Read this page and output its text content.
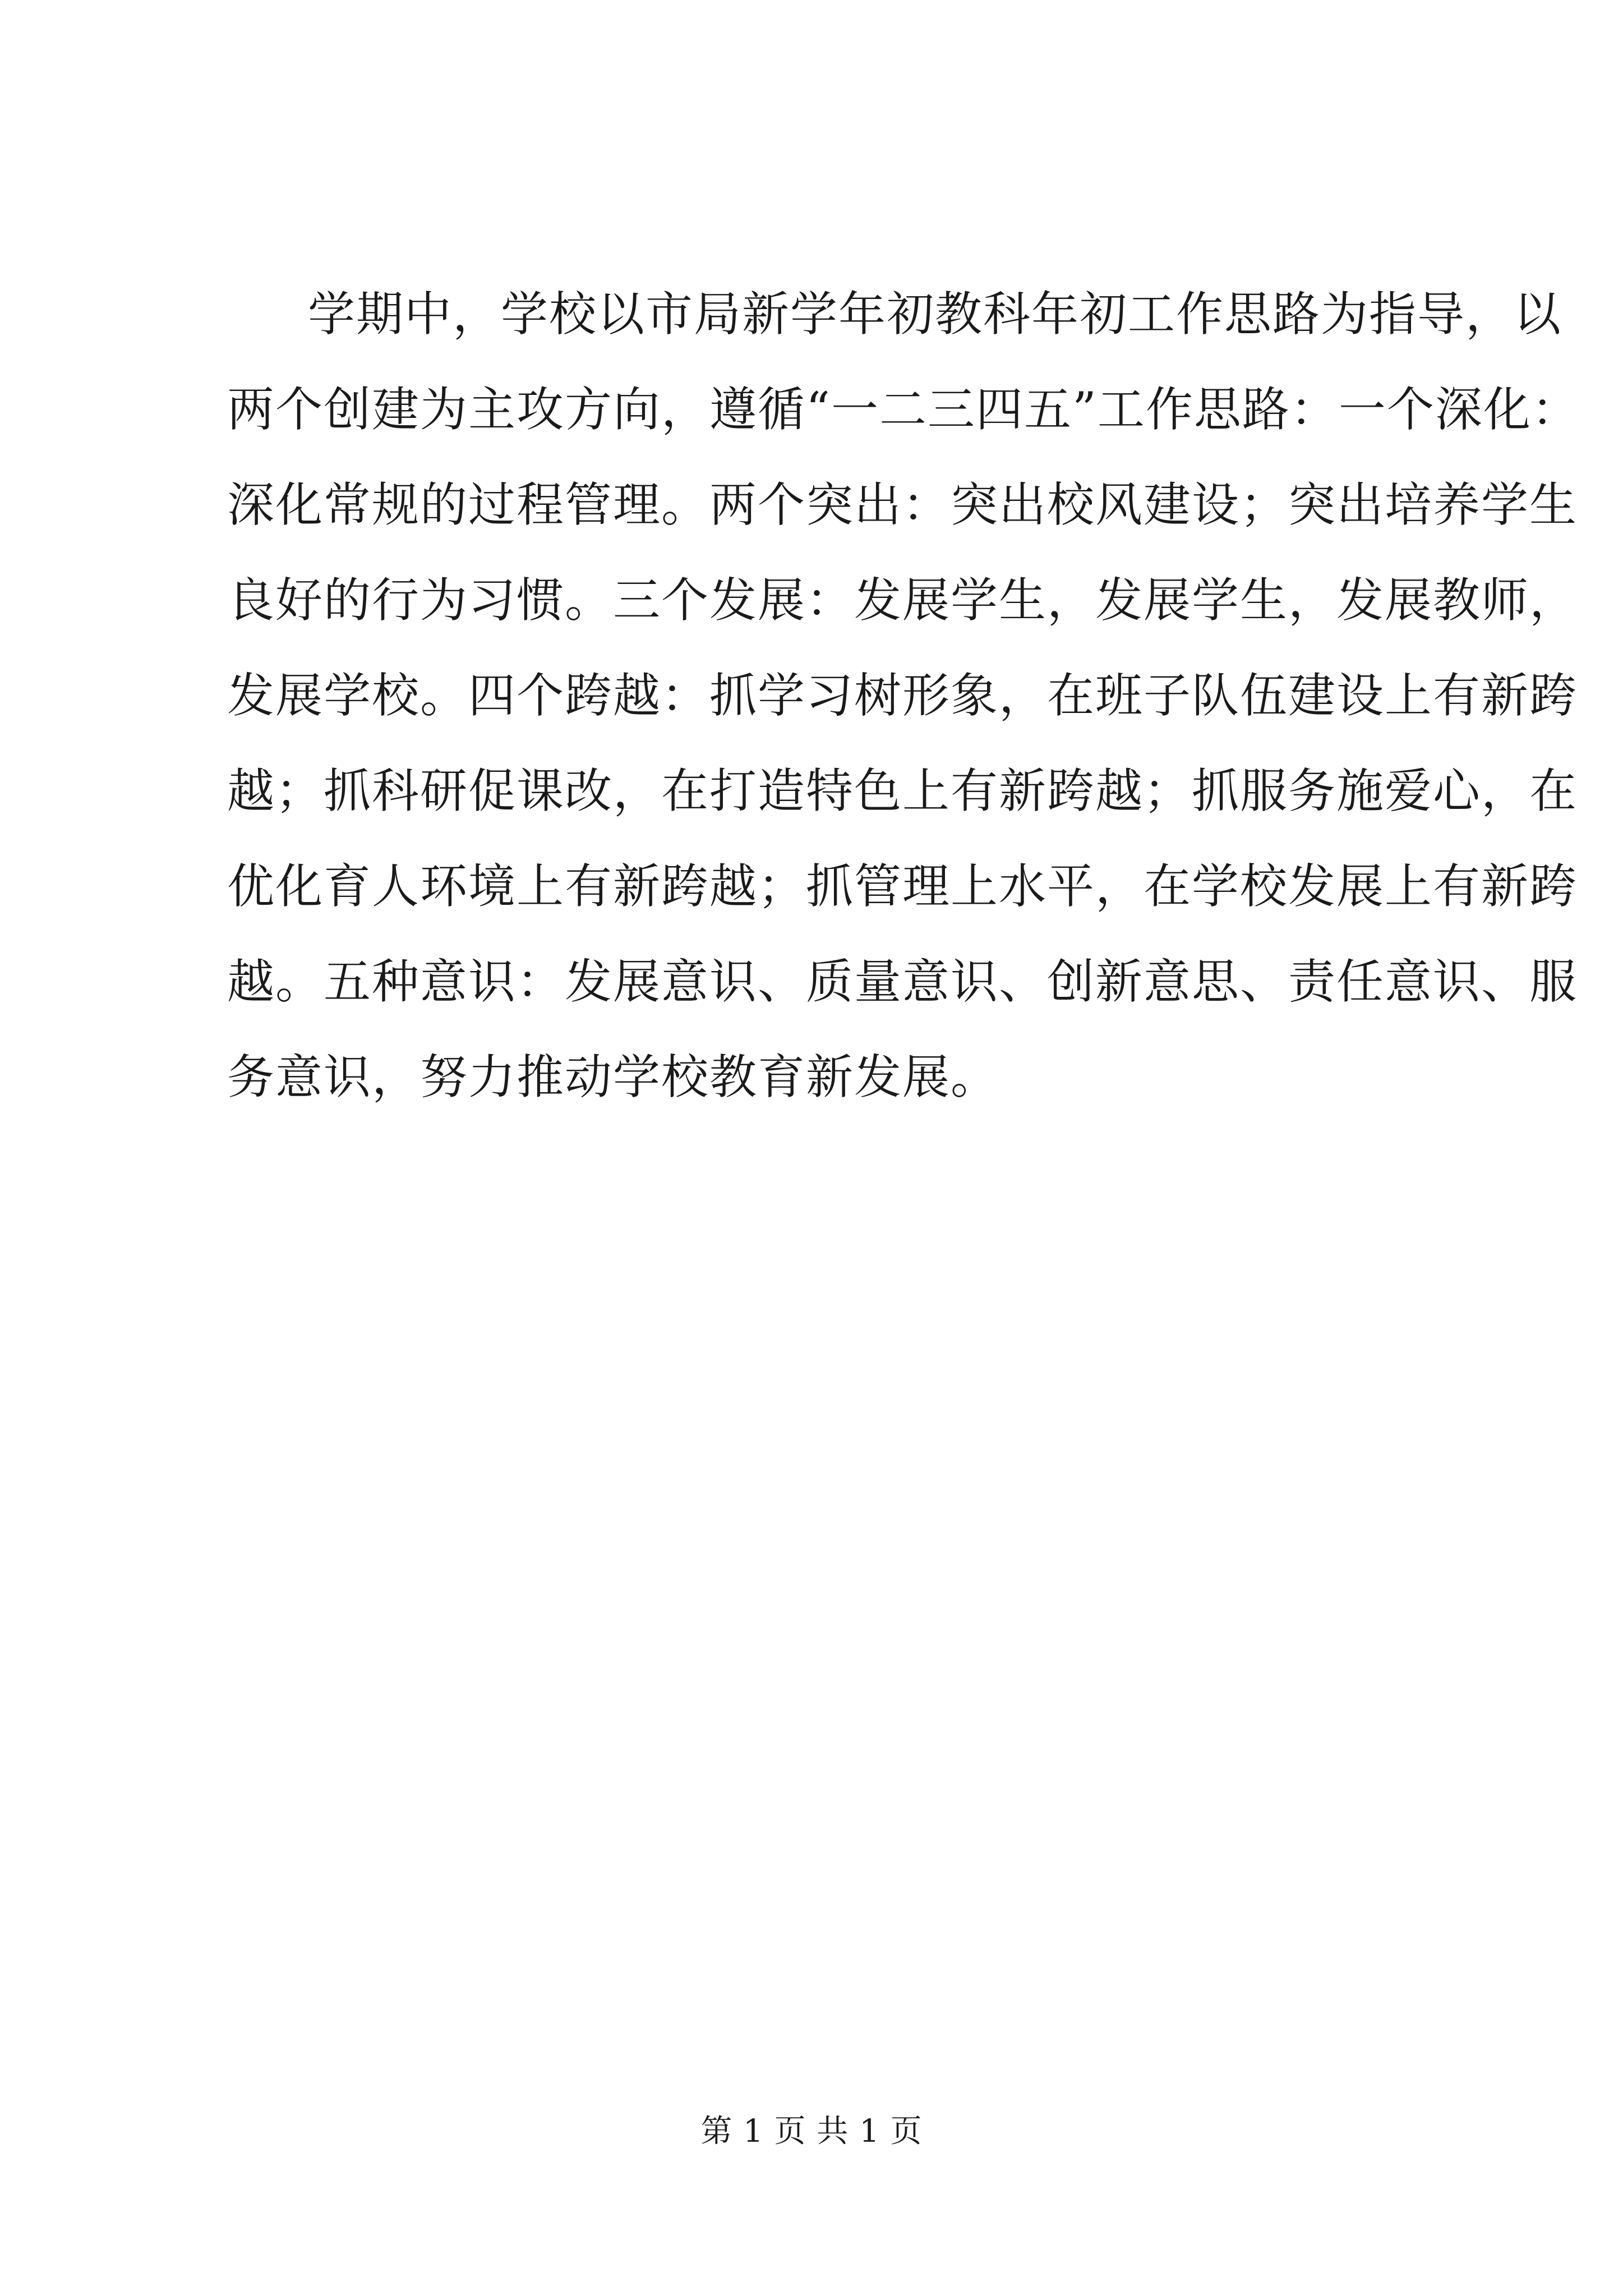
学期中，学校以市局新学年初教科年初工作思路为指导，以
两个创建为主攻方向，遵循“一二三四五”工作思路：一个深化：
深化常规的过程管理。两个突出：突出校风建设；突出培养学生
良好的行为习惯。三个发展：发展学生，发展学生，发展教师，
发展学校。四个跨越：抓学习树形象，在班子队伍建设上有新跨
越；抓科研促课改，在打造特色上有新跨越；抓服务施爱心，在
优化育人环境上有新跨越；抓管理上水平，在学校发展上有新跨
越。五种意识：发展意识、质量意识、创新意思、责任意识、服
务意识，努力推动学校教育新发展。
第 1 页 共 1 页
